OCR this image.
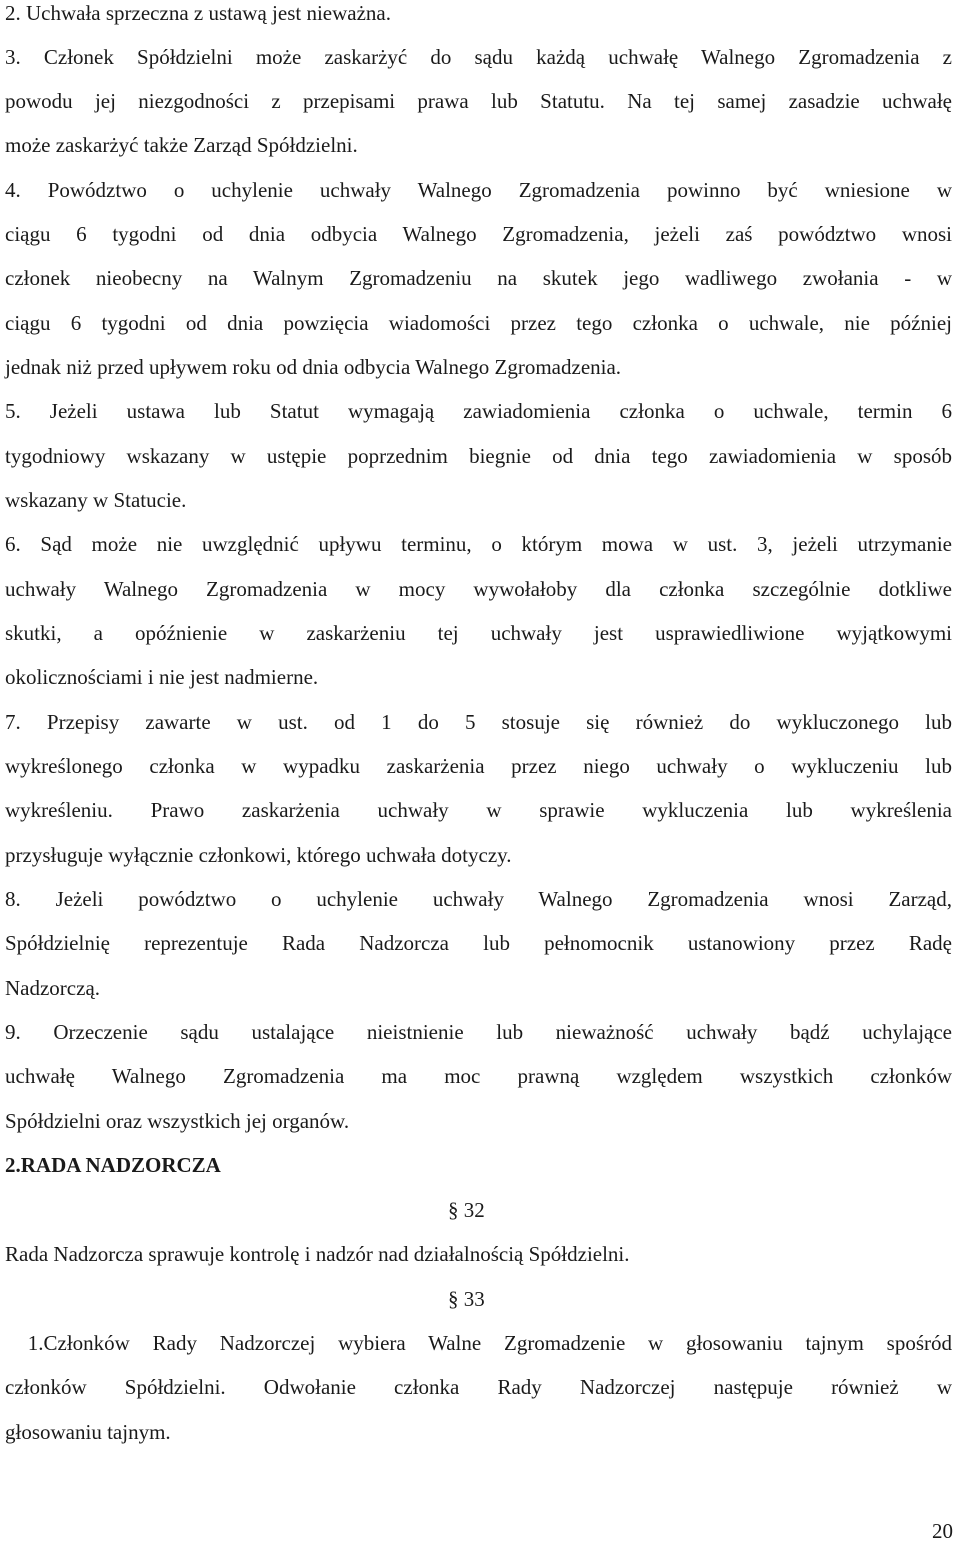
2. Uchwała sprzeczna z ustawą jest nieważna.
3. Członek Spółdzielni może zaskarżyć do sądu każdą uchwałę Walnego Zgromadzenia z
powodu jej niezgodności z przepisami prawa lub Statutu. Na tej samej zasadzie uchwałę
może zaskarżyć także Zarząd Spółdzielni.
4. Powództwo o uchylenie uchwały Walnego Zgromadzenia powinno być wniesione w
ciągu 6 tygodni od dnia odbycia Walnego Zgromadzenia, jeżeli zaś powództwo wnosi
członek nieobecny na Walnym Zgromadzeniu na skutek jego wadliwego zwołania - w
ciągu 6 tygodni od dnia powzięcia wiadomości przez tego członka o uchwale, nie później
jednak niż przed upływem roku od dnia odbycia Walnego Zgromadzenia.
5. Jeżeli ustawa lub Statut wymagają zawiadomienia członka o uchwale, termin 6
tygodniowy wskazany w ustępie poprzednim biegnie od dnia tego zawiadomienia w sposób
wskazany w Statucie.
6. Sąd może nie uwzględnić upływu terminu, o którym mowa w ust. 3, jeżeli utrzymanie
uchwały Walnego Zgromadzenia w mocy wywołałoby dla członka szczególnie dotkliwe
skutki, a opóźnienie w zaskarżeniu tej uchwały jest usprawiedliwione wyjątkowymi
okolicznościami i nie jest nadmierne.
7. Przepisy zawarte w ust. od 1 do 5 stosuje się również do wykluczonego lub
wykreślonego członka w wypadku zaskarżenia przez niego uchwały o wykluczeniu lub
wykreśleniu. Prawo zaskarżenia uchwały w sprawie wykluczenia lub wykreślenia
przysługuje wyłącznie członkowi, którego uchwała dotyczy.
8. Jeżeli powództwo o uchylenie uchwały Walnego Zgromadzenia wnosi Zarząd,
Spółdzielnię reprezentuje Rada Nadzorcza lub pełnomocnik ustanowiony przez Radę
Nadzorczą.
9. Orzeczenie sądu ustalające nieistnienie lub nieważność uchwały bądź uchylające
uchwałę Walnego Zgromadzenia ma moc prawną względem wszystkich członków
Spółdzielni oraz wszystkich jej organów.
2.RADA NADZORCZA
§ 32
Rada Nadzorcza sprawuje kontrolę i nadzór nad działalnością Spółdzielni.
§ 33
1.Członków Rady Nadzorczej wybiera Walne Zgromadzenie w głosowaniu tajnym spośród
członków Spółdzielni. Odwołanie członka Rady Nadzorczej następuje również w
głosowaniu tajnym.
20
